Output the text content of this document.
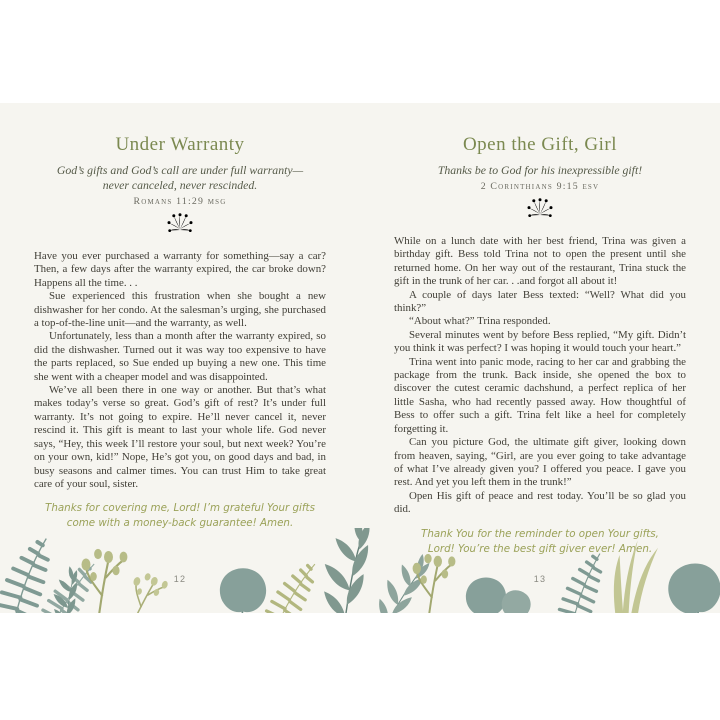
Under Warranty
God’s gifts and God’s call are under full warranty—
never canceled, never rescinded.
Romans 11:29 msg

Have you ever purchased a warranty for something—say a car? Then, a few days after the warranty expired, the car broke down? Happens all the time. . .

Sue experienced this frustration when she bought a new dishwasher for her condo. At the salesman’s urging, she purchased a top-of-the-line unit—and the warranty, as well.

Unfortunately, less than a month after the warranty expired, so did the dishwasher. Turned out it was way too expensive to have the parts replaced, so Sue ended up buying a new one. This time she went with a cheaper model and was disappointed.

We’ve all been there in one way or another. But that’s what makes today’s verse so great. God’s gift of rest? It’s under full warranty. It’s not going to expire. He’ll never cancel it, never rescind it. This gift is meant to last your whole life. God never says, “Hey, this week I’ll restore your soul, but next week? You’re on your own, kid!” Nope, He’s got you, on good days and bad, in busy seasons and calmer times. You can trust Him to take great care of your soul, sister.

Thanks for covering me, Lord! I’m grateful Your gifts
come with a money-back guarantee! Amen.
Open the Gift, Girl
Thanks be to God for his inexpressible gift!
2 Corinthians 9:15 esv

While on a lunch date with her best friend, Trina was given a birthday gift. Bess told Trina not to open the present until she returned home. On her way out of the restaurant, Trina stuck the gift in the trunk of her car. . .and forgot all about it!

A couple of days later Bess texted: “Well? What did you think?”

“About what?” Trina responded.

Several minutes went by before Bess replied, “My gift. Didn’t you think it was perfect? I was hoping it would touch your heart.”

Trina went into panic mode, racing to her car and grabbing the package from the trunk. Back inside, she opened the box to discover the cutest ceramic dachshund, a perfect replica of her little Sasha, who had recently passed away. How thoughtful of Bess to offer such a gift. Trina felt like a heel for completely forgetting it.

Can you picture God, the ultimate gift giver, looking down from heaven, saying, “Girl, are you ever going to take advantage of what I’ve already given you? I offered you peace. I gave you rest. And yet you left them in the trunk!”

Open His gift of peace and rest today. You’ll be so glad you did.

Thank You for the reminder to open Your gifts,
Lord! You’re the best gift giver ever! Amen.
12	13
